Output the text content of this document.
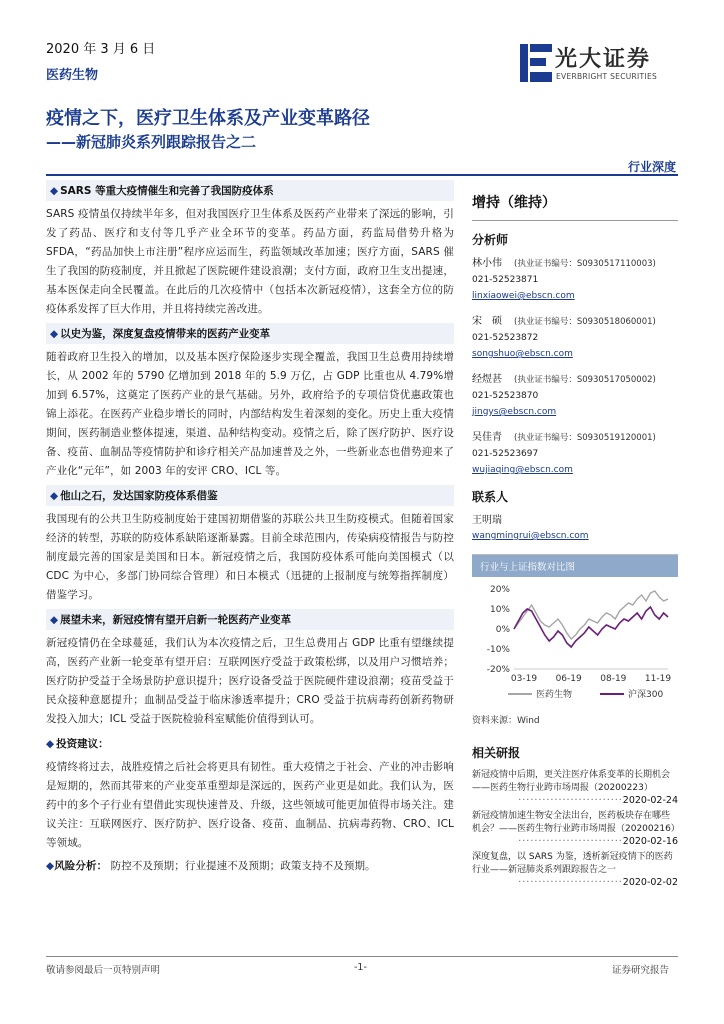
2020 年 3 月 6 日
医药生物
光大证券
EVERBRIGHT SECURITIES
疫情之下，医疗卫生体系及产业变革路径
——新冠肺炎系列跟踪报告之二
行业深度
◆ SARS 等重大疫情催生和完善了我国防疫体系

SARS 疫情虽仅持续半年多，但对我国医疗卫生体系及医药产业带来了深远的影响，引发了药品、医疗和支付等几乎产业全环节的变革。药品方面，药监局借势升格为 SFDA，“药品加快上市注册”程序应运而生，药监领域改革加速；医疗方面，SARS 催生了我国的防疫制度，并且掀起了医院硬件建设浪潮；支付方面，政府卫生支出提速，基本医保走向全民覆盖。在此后的几次疫情中（包括本次新冠疫情），这套全方位的防疫体系发挥了巨大作用，并且将持续完善改进。

◆ 以史为鉴，深度复盘疫情带来的医药产业变革

随着政府卫生投入的增加，以及基本医疗保险逐步实现全覆盖，我国卫生总费用持续增长，从 2002 年的 5790 亿增加到 2018 年的 5.9 万亿，占 GDP 比重也从 4.79%增加到 6.57%，这奠定了医药产业的景气基础。另外，政府给予的专项信贷优惠政策也锦上添花。在医药产业稳步增长的同时，内部结构发生着深刻的变化。历史上重大疫情期间，医药制造业整体提速，渠道、品种结构变动。疫情之后，除了医疗防护、医疗设备、疫苗、血制品等疫情防护和诊疗相关产品加速普及之外，一些新业态也借势迎来了产业化“元年”，如 2003 年的安评 CRO、ICL 等。

◆ 他山之石，发达国家防疫体系借鉴

我国现有的公共卫生防疫制度始于建国初期借鉴的苏联公共卫生防疫模式。但随着国家经济的转型，苏联的防疫体系缺陷逐渐暴露。目前全球范围内，传染病疫情报告与防控制度最完善的国家是美国和日本。新冠疫情之后，我国防疫体系可能向美国模式（以 CDC 为中心，多部门协同综合管理）和日本模式（迅捷的上报制度与统筹指挥制度）借鉴学习。

◆ 展望未来，新冠疫情有望开启新一轮医药产业变革

新冠疫情仍在全球蔓延，我们认为本次疫情之后，卫生总费用占 GDP 比重有望继续提高，医药产业新一轮变革有望开启：互联网医疗受益于政策松绑，以及用户习惯培养；医疗防护受益于全场景防护意识提升；医疗设备受益于医院硬件建设浪潮；疫苗受益于民众接种意愿提升；血制品受益于临床渗透率提升；CRO 受益于抗病毒药创新药物研发投入加大；ICL 受益于医院检验科室赋能价值得到认可。

◆ 投资建议：

疫情终将过去，战胜疫情之后社会将更具有韧性。重大疫情之于社会、产业的冲击影响是短期的，然而其带来的产业变革重塑却是深远的，医药产业更是如此。我们认为，医药中的多个子行业有望借此实现快速普及、升级，这些领域可能更加值得市场关注。建议关注：互联网医疗、医疗防护、医疗设备、疫苗、血制品、抗病毒药物、CRO、ICL 等领域。

◆风险分析： 防控不及预期；行业提速不及预期；政策支持不及预期。

增持（维持）
分析师
林小伟 (执业证书编号：S0930517110003)
021-52523871
linxiaowei@ebscn.com
宋　硕 (执业证书编号：S0930518060001)
021-52523872
songshuo@ebscn.com
经煜甚 (执业证书编号：S0930517050002)
021-52523870
jingys@ebscn.com
吴佳青 (执业证书编号：S0930519120001)
021-52523697
wujiaqing@ebscn.com
联系人
王明瑞
wangmingrui@ebscn.com
行业与上证指数对比图
20%
10%
0%
-10%
-20%
03-19 06-19 08-19 11-19
医药生物	沪深300
资料来源：Wind
相关研报
新冠疫情中后期，更关注医疗体系变革的长期机会——医药生物行业跨市场周报（20200223）
··························2020-02-24
新冠疫情加速生物安全法出台，医药板块存在哪些机会？——医药生物行业跨市场周报（20200216）
··························2020-02-16
深度复盘，以 SARS 为鉴，透析新冠疫情下的医药行业——新冠肺炎系列跟踪报告之一
··························2020-02-02
敬请参阅最后一页特别声明	-1-	证券研究报告
